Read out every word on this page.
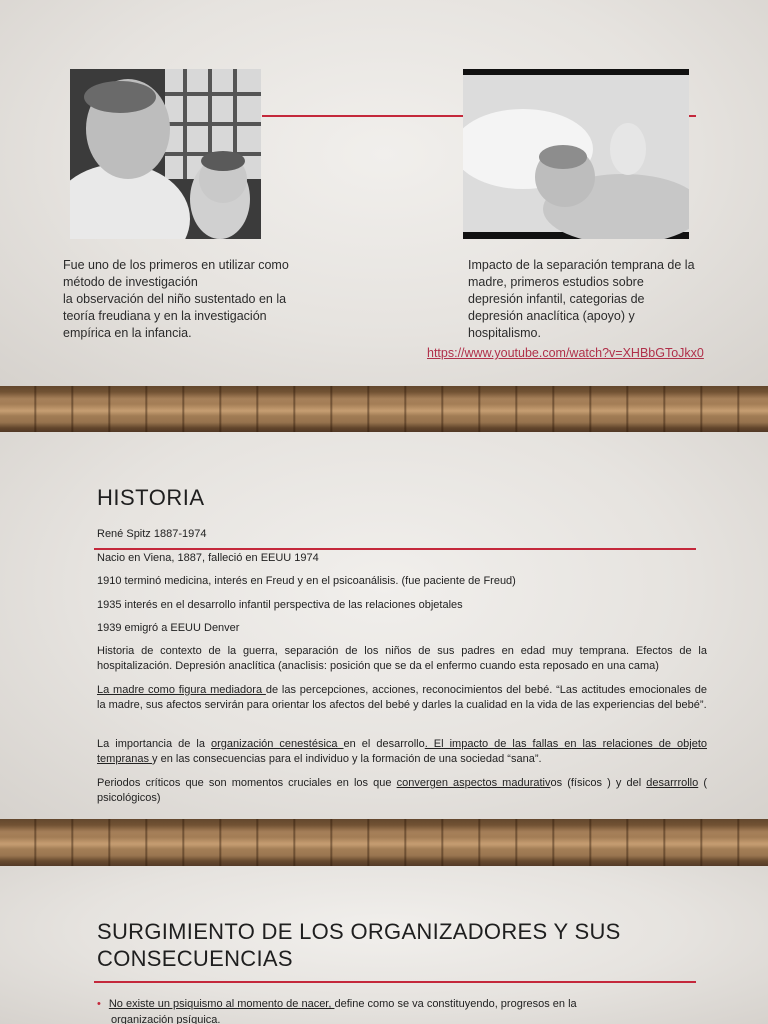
Fue uno de los primeros en utilizar como
método de investigación
la observación del niño sustentado en la
teoría freudiana y en la investigación
empírica en la infancia.
Impacto de la separación temprana de la
madre, primeros estudios sobre
depresión infantil, categorias de
depresión anaclítica (apoyo) y
hospitalismo.
https://www.youtube.com/watch?v=XHBbGToJkx0
HISTORIA
René Spitz 1887-1974
Nacio en Viena, 1887, falleció en EEUU 1974
1910 terminó medicina, interés en Freud y en el psicoanálisis. (fue paciente de Freud)
1935 interés en el desarrollo infantil perspectiva de las relaciones objetales
1939 emigró a EEUU Denver
Historia de contexto de la guerra, separación de los niños de sus padres en edad muy temprana. Efectos de la hospitalización. Depresión anaclítica (anaclisis: posición que se da el enfermo cuando esta reposado en una cama)
La madre como figura mediadora de las percepciones, acciones, reconocimientos del bebé. “Las actitudes emocionales de la madre, sus afectos servirán para orientar los afectos del bebé y darles la cualidad en la vida de las experiencias del bebé”.
La importancia de la organización cenestésica en el desarrollo. El impacto de las fallas en las relaciones de objeto tempranas y en las consecuencias para el individuo y la formación de una sociedad “sana”.
Periodos críticos que son momentos cruciales en los que convergen aspectos madurativos (físicos ) y del desarrrollo ( psicológicos)
SURGIMIENTO DE LOS ORGANIZADORES Y SUS
CONSECUENCIAS
• No existe un psiquismo al momento de nacer, define como se va constituyendo, progresos en la
organización psíquica.
